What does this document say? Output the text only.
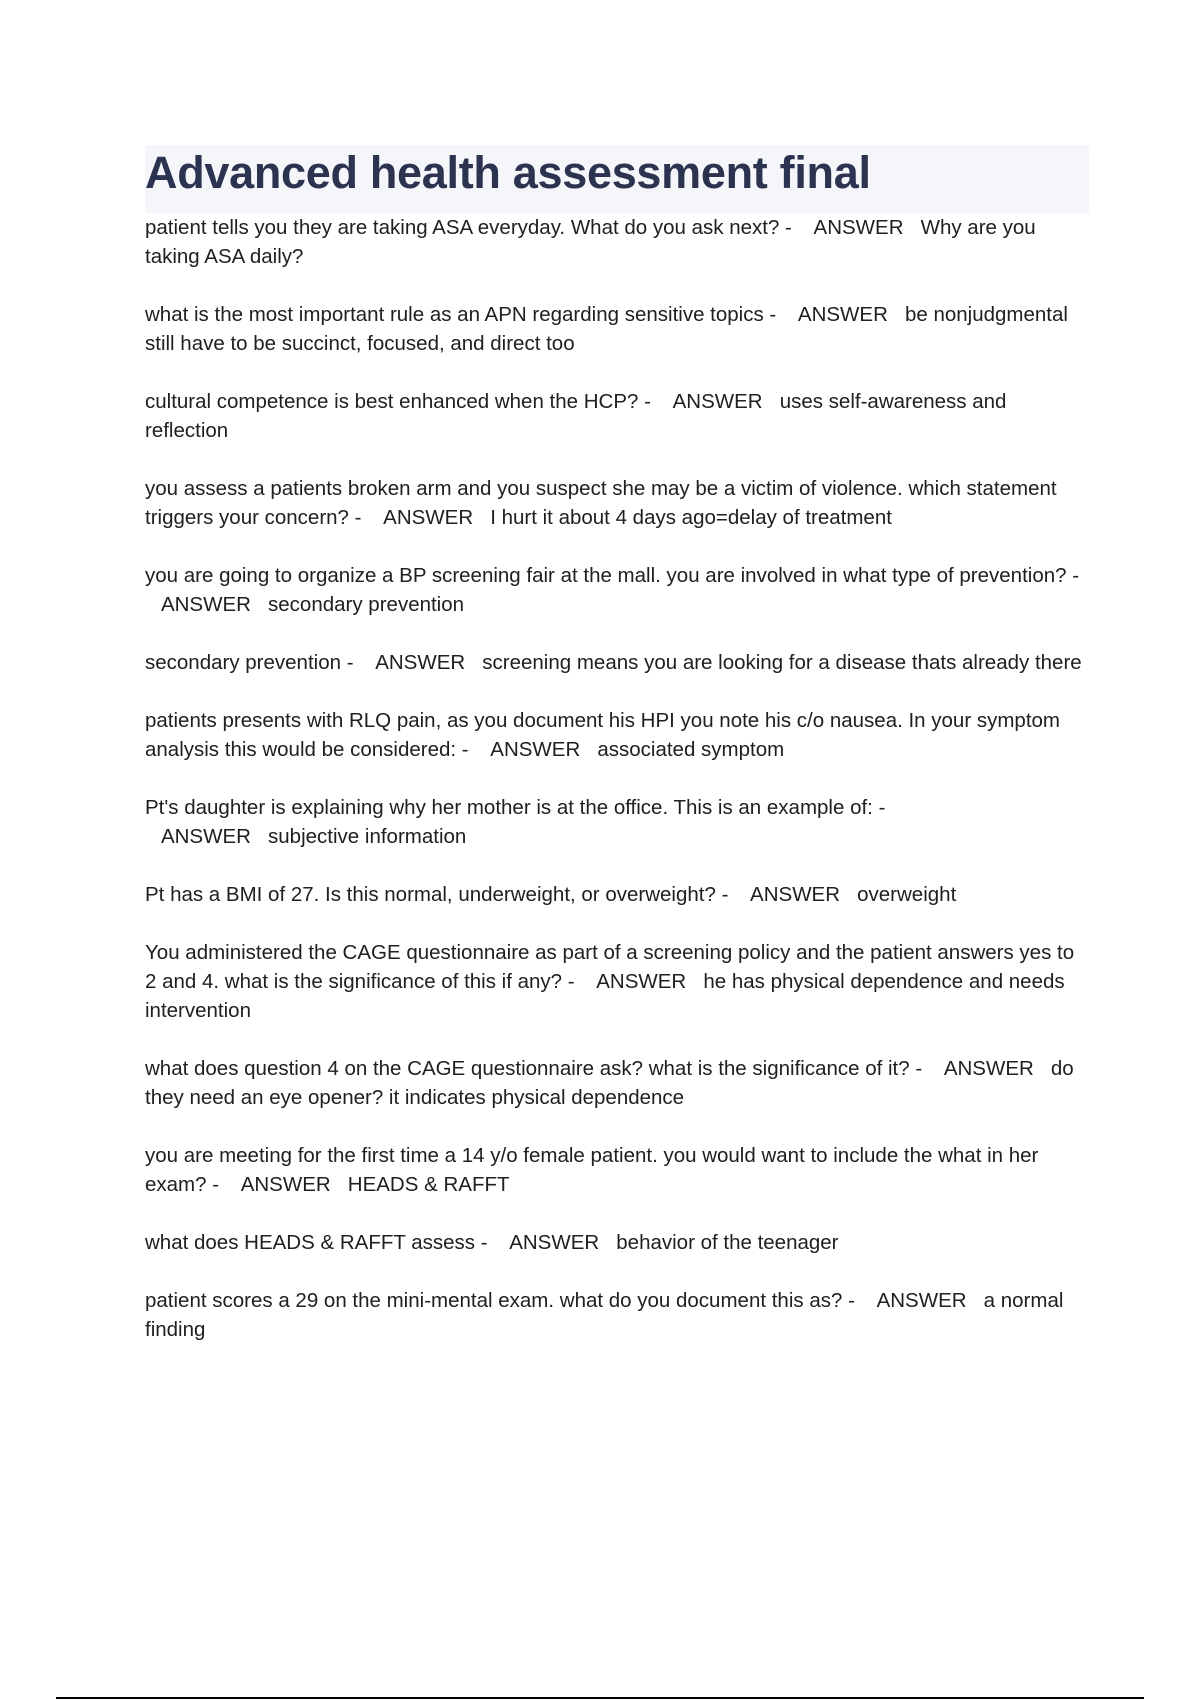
Advanced health assessment final

patient tells you they are taking ASA everyday. What do you ask next? -    ANSWER   Why are you taking ASA daily?

what is the most important rule as an APN regarding sensitive topics -    ANSWER   be nonjudgmental
still have to be succinct, focused, and direct too

cultural competence is best enhanced when the HCP? -    ANSWER   uses self-awareness and reflection

you assess a patients broken arm and you suspect she may be a victim of violence. which statement triggers your concern? -    ANSWER   I hurt it about 4 days ago=delay of treatment

you are going to organize a BP screening fair at the mall. you are involved in what type of prevention? -    ANSWER   secondary prevention

secondary prevention -    ANSWER   screening means you are looking for a disease thats already there

patients presents with RLQ pain, as you document his HPI you note his c/o nausea. In your symptom analysis this would be considered: -    ANSWER   associated symptom

Pt's daughter is explaining why her mother is at the office. This is an example of: -    ANSWER   subjective information

Pt has a BMI of 27. Is this normal, underweight, or overweight? -    ANSWER   overweight

You administered the CAGE questionnaire as part of a screening policy and the patient answers yes to 2 and 4. what is the significance of this if any? -    ANSWER   he has physical dependence and needs intervention

what does question 4 on the CAGE questionnaire ask? what is the significance of it? -    ANSWER   do they need an eye opener? it indicates physical dependence

you are meeting for the first time a 14 y/o female patient. you would want to include the what in her exam? -    ANSWER   HEADS & RAFFT

what does HEADS & RAFFT assess -    ANSWER   behavior of the teenager

patient scores a 29 on the mini-mental exam. what do you document this as? -    ANSWER   a normal finding
